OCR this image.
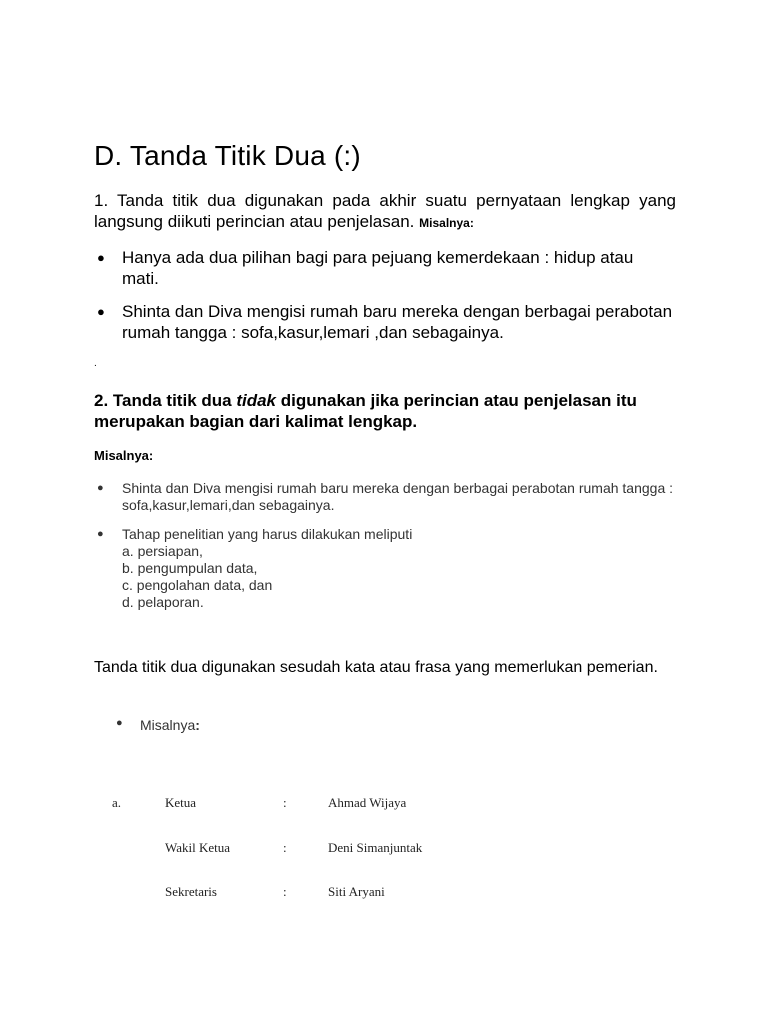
D. Tanda Titik Dua (:)
1. Tanda titik dua digunakan pada akhir suatu pernyataan lengkap yang langsung diikuti perincian atau penjelasan. Misalnya:
● Hanya ada dua pilihan bagi para pejuang kemerdekaan : hidup atau mati.
● Shinta dan Diva mengisi rumah baru mereka dengan berbagai perabotan rumah tangga : sofa,kasur,lemari ,dan sebagainya.
.
2. Tanda titik dua tidak digunakan jika perincian atau penjelasan itu merupakan bagian dari kalimat lengkap.
Misalnya:
● Shinta dan Diva mengisi rumah baru mereka dengan berbagai perabotan rumah tangga : sofa,kasur,lemari,dan sebagainya.
● Tahap penelitian yang harus dilakukan meliputi
a. persiapan,
b. pengumpulan data,
c. pengolahan data, dan
d. pelaporan.
Tanda titik dua digunakan sesudah kata atau frasa yang memerlukan pemerian.
● Misalnya:
a.	Ketua	:	Ahmad Wijaya
Wakil Ketua	:	Deni Simanjuntak
Sekretaris	:	Siti Aryani
